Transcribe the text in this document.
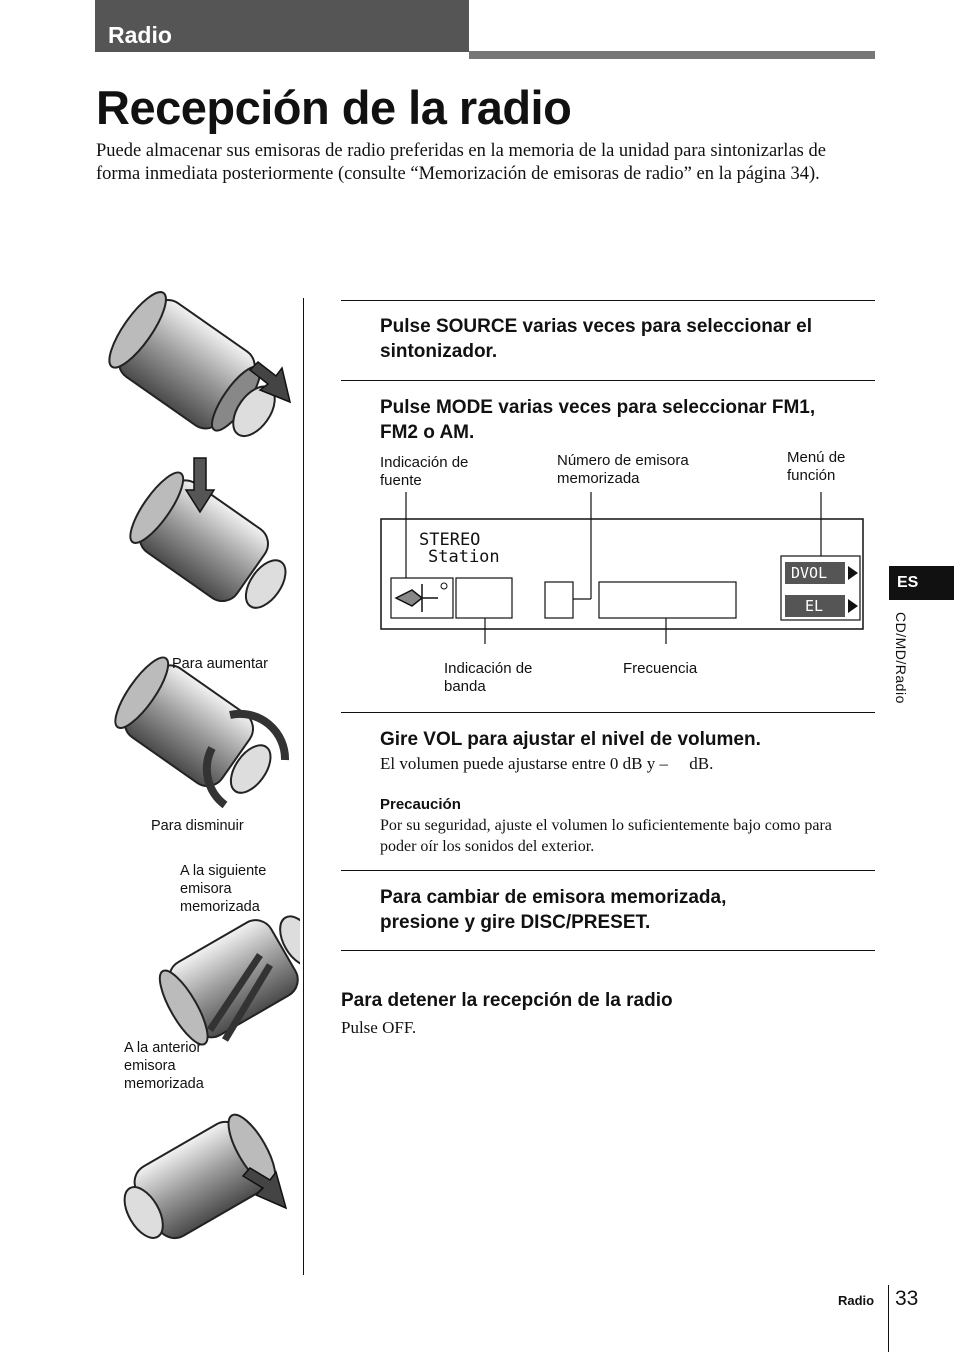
Radio
Recepción de la radio

Puede almacenar sus emisoras de radio preferidas en la memoria de la unidad para sintonizarlas de forma inmediata posteriormente (consulte “Memorización de emisoras de radio” en la página 34).

Para aumentar
Para disminuir
A la siguiente emisora memorizada
A la anterior emisora memorizada
Pulse SOURCE varias veces para seleccionar el sintonizador.
Pulse MODE varias veces para seleccionar FM1, FM2 o AM.
Indicación de fuente
Número de emisora memorizada
Menú de función
STEREO
Station
DVOL
EL
Indicación de banda
Frecuencia
Gire VOL para ajustar el nivel de volumen.
El volumen puede ajustarse entre 0 dB y –     dB.
Precaución
Por su seguridad, ajuste el volumen lo suficientemente bajo como para poder oír los sonidos del exterior.
Para cambiar de emisora memorizada, presione y gire DISC/PRESET.
Para detener la recepción de la radio
Pulse OFF.
ES
CD/MD/Radio
Radio 33
